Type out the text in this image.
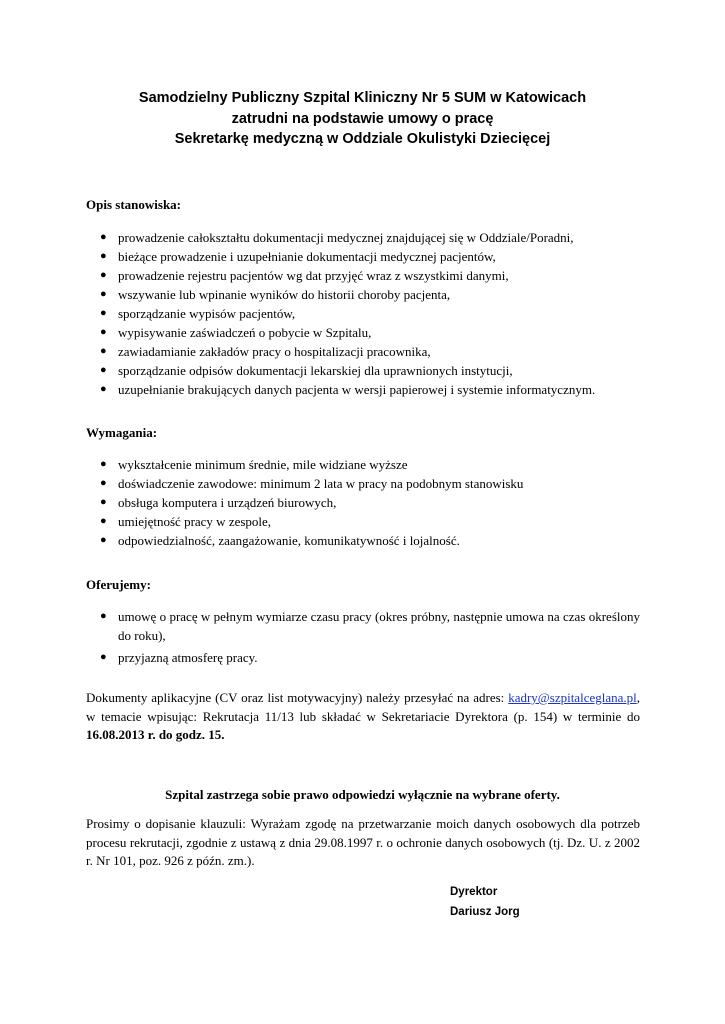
Samodzielny Publiczny Szpital Kliniczny Nr 5 SUM w Katowicach
zatrudni na podstawie umowy o pracę
Sekretarkę medyczną w Oddziale Okulistyki Dziecięcej
Opis stanowiska:
● prowadzenie całokształtu dokumentacji medycznej znajdującej się w Oddziale/Poradni,
● bieżące prowadzenie i uzupełnianie dokumentacji medycznej pacjentów,
● prowadzenie rejestru pacjentów wg dat przyjęć wraz z wszystkimi danymi,
● wszywanie lub wpinanie wyników do historii choroby pacjenta,
● sporządzanie wypisów pacjentów,
● wypisywanie zaświadczeń o pobycie w Szpitalu,
● zawiadamianie zakładów pracy o hospitalizacji pracownika,
● sporządzanie odpisów dokumentacji lekarskiej dla uprawnionych instytucji,
● uzupełnianie brakujących danych pacjenta w wersji papierowej i systemie informatycznym.
Wymagania:
● wykształcenie minimum średnie, mile widziane wyższe
● doświadczenie zawodowe: minimum 2 lata w pracy na podobnym stanowisku
● obsługa komputera i urządzeń biurowych,
● umiejętność pracy w zespole,
● odpowiedzialność, zaangażowanie, komunikatywność i lojalność.
Oferujemy:
● umowę o pracę w pełnym wymiarze czasu pracy (okres próbny, następnie umowa na czas określony do roku),
● przyjazną atmosferę pracy.
Dokumenty aplikacyjne (CV oraz list motywacyjny) należy przesyłać na adres: kadry@szpitalceglana.pl, w temacie wpisując: Rekrutacja 11/13 lub składać w Sekretariacie Dyrektora (p. 154) w terminie do 16.08.2013 r. do godz. 15.
Szpital zastrzega sobie prawo odpowiedzi wyłącznie na wybrane oferty.
Prosimy o dopisanie klauzuli: Wyrażam zgodę na przetwarzanie moich danych osobowych dla potrzeb procesu rekrutacji, zgodnie z ustawą z dnia 29.08.1997 r. o ochronie danych osobowych (tj. Dz. U. z 2002 r. Nr 101, poz. 926 z późn. zm.).
Dyrektor
Dariusz Jorg
